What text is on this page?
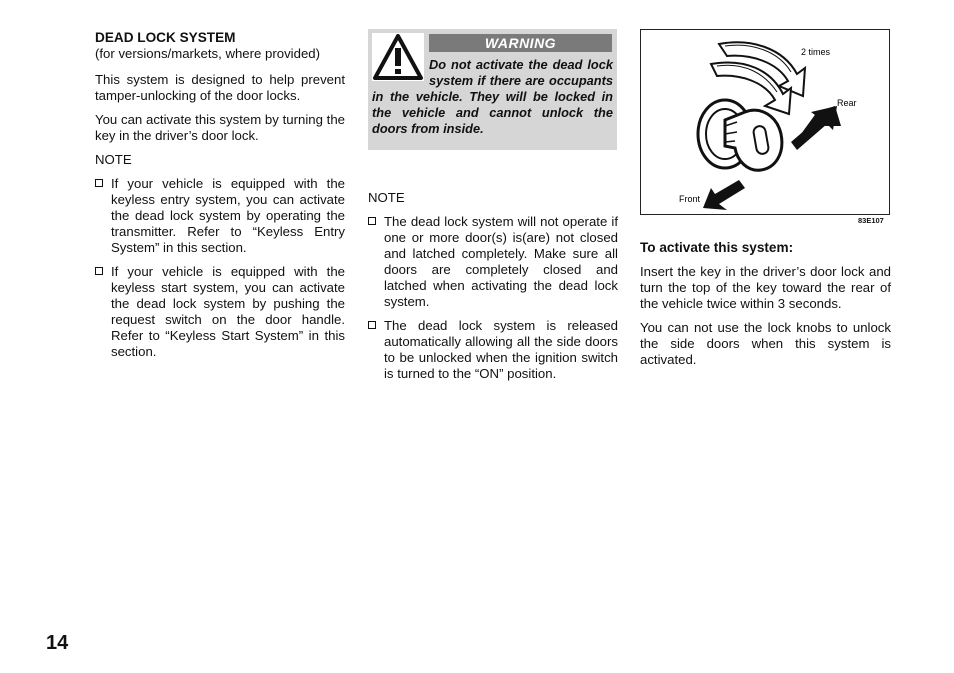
DEAD LOCK SYSTEM

(for versions/markets, where provided)

This system is designed to help prevent tamper-unlocking of the door locks.

You can activate this system by turning the key in the driver’s door lock.

NOTE
If your vehicle is equipped with the keyless entry system, you can activate the dead lock system by operating the transmitter. Refer to “Keyless Entry System” in this section.
If your vehicle is equipped with the keyless start system, you can activate the dead lock system by pushing the request switch on the door handle. Refer to “Keyless Start System” in this section.
WARNING
Do not activate the dead lock system if there are occupants in the vehicle. They will be locked in the vehicle and cannot unlock the doors from inside.
NOTE
The dead lock system will not operate if one or more door(s) is(are) not closed and latched completely. Make sure all doors are completely closed and latched when activating the dead lock system.
The dead lock system is released automatically allowing all the side doors to be unlocked when the ignition switch is turned to the “ON” position.
2 times
Rear
Front
83E107

To activate this system:

Insert the key in the driver’s door lock and turn the top of the key toward the rear of the vehicle twice within 3 seconds.

You can not use the lock knobs to unlock the side doors when this system is activated.

14
